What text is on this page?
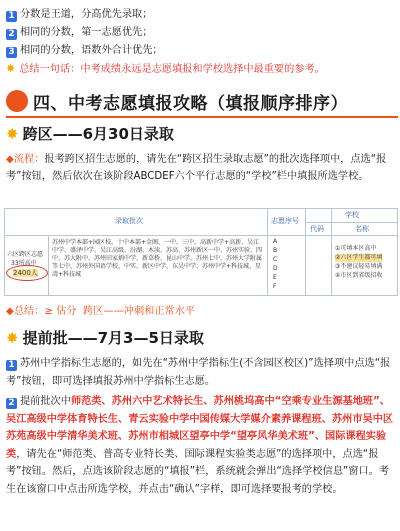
1 分数是王道，分高优先录取；
2 相同的分数，第一志愿优先；
3 相同的分数，语数外合计优先；
✸ 总结一句话：中考成绩永远是志愿填报和学校选择中最重要的参考。
四、中考志愿填报攻略（填报顺序排序）
✸ 跨区——6月30日录取
◆流程：报考跨区招生志愿的，请先在“跨区招生录取志愿”的批次选择项中，点选“报考”按钮，然后依次在该阶段ABCDEF六个平行志愿的“学校”栏中填报所选学校。
录取批次	志愿序号
学校
代码	名称
六区跨区志愿
33所高中
2400人
苏州中学本部+园区校、十中本部+金阁、一中、三中、高新中学+高新、吴江中学、盛泽中学、吴江高级、汾湖、木渎、苏高、苏州新区一中、苏州实验、四中、苏大附中、苏州田家炳中学、新草桥、昆山中学、苏州七中、苏州大学附属等七中、苏州外国语学校、中实、新区中学、东吴中学、苏州中学+科技城、星湾+科技城
A
B
C
D
E
F
①可填本区高中
②六区学生都可填
③不建议轻易填满
④市区到省级招收
◆总结：≥ 估分 跨区——冲刺和正常水平
✸ 提前批——7月3—5日录取
1 苏州中学指标生志愿的，如先在“苏州中学指标生(不含园区校区)”选择项中点选“报考”按钮，即可选择填报苏州中学指标生志愿。
2 提前批次中师范类、苏州六中艺术特长生、苏州桃坞高中“空乘专业生源基地班”、吴江高级中学体育特长生、青云实验中学中国传媒大学媒介素养课程班、苏州市吴中区苏苑高级中学清华美术班、苏州市相城区望亭中学“望亭风华美术班”、国际课程实验类，请先在“师范类、普高专业特长类、国际课程实验类志愿”的选择项中，点选“报考”按钮。然后，点选该阶段志愿的“填报”栏，系统就会弹出“选择学校信息”窗口。考生在该窗口中点击所选学校，并点击“确认”字样，即可选择要报考的学校。
